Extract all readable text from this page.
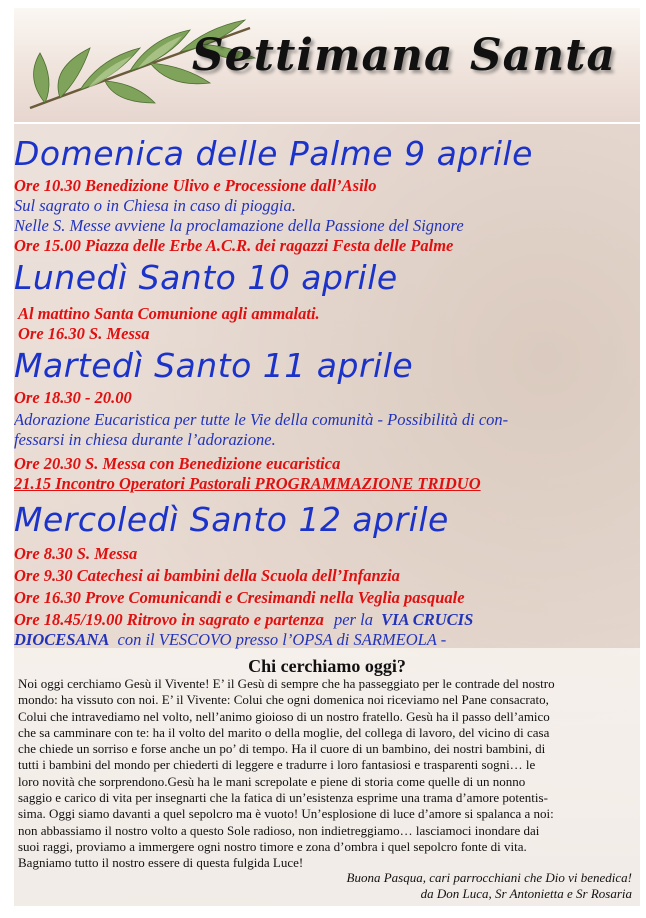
Settimana Santa
Domenica delle Palme 9 aprile
Ore 10.30 Benedizione Ulivo e Processione dall’Asilo
Sul sagrato o in Chiesa in caso di pioggia.
Nelle S. Messe avviene la proclamazione della Passione del Signore
Ore 15.00 Piazza delle Erbe A.C.R. dei ragazzi Festa delle Palme
Lunedì Santo 10 aprile
Al mattino Santa Comunione agli ammalati.
Ore 16.30 S. Messa
Martedì Santo 11 aprile
Ore 18.30 - 20.00
Adorazione Eucaristica per tutte le Vie della comunità - Possibilità di con-
fessarsi in chiesa durante l’adorazione.
Ore 20.30 S. Messa con Benedizione eucaristica
21.15 Incontro Operatori Pastorali PROGRAMMAZIONE TRIDUO
Mercoledì Santo 12 aprile
Ore 8.30 S. Messa
Ore 9.30 Catechesi ai bambini della Scuola dell’Infanzia
Ore 16.30 Prove Comunicandi e Cresimandi nella Veglia pasquale
Ore 18.45/19.00 Ritrovo in sagrato e partenza per la VIA CRUCIS
DIOCESANA con il VESCOVO presso l’OPSA di SARMEOLA -
Chi cerchiamo oggi?
Noi oggi cerchiamo Gesù il Vivente! E’ il Gesù di sempre che ha passeggiato per le contrade del nostro
mondo: ha vissuto con noi. E’ il Vivente: Colui che ogni domenica noi riceviamo nel Pane consacrato,
Colui che intravediamo nel volto, nell’animo gioioso di un nostro fratello. Gesù ha il passo dell’amico
che sa camminare con te: ha il volto del marito o della moglie, del collega di lavoro, del vicino di casa
che chiede un sorriso e forse anche un po’ di tempo. Ha il cuore di un bambino, dei nostri bambini, di
tutti i bambini del mondo per chiederti di leggere e tradurre i loro fantasiosi e trasparenti sogni… le
loro novità che sorprendono.Gesù ha le mani screpolate e piene di storia come quelle di un nonno
saggio e carico di vita per insegnarti che la fatica di un’esistenza esprime una trama d’amore potentis-
sima. Oggi siamo davanti a quel sepolcro ma è vuoto! Un’esplosione di luce d’amore si spalanca a noi:
non abbassiamo il nostro volto a questo Sole radioso, non indietreggiamo… lasciamoci inondare dai
suoi raggi, proviamo a immergere ogni nostro timore e zona d’ombra i quel sepolcro fonte di vita.
Bagniamo tutto il nostro essere di questa fulgida Luce!
Buona Pasqua, cari parrocchiani che Dio vi benedica!
da Don Luca, Sr Antonietta e Sr Rosaria
